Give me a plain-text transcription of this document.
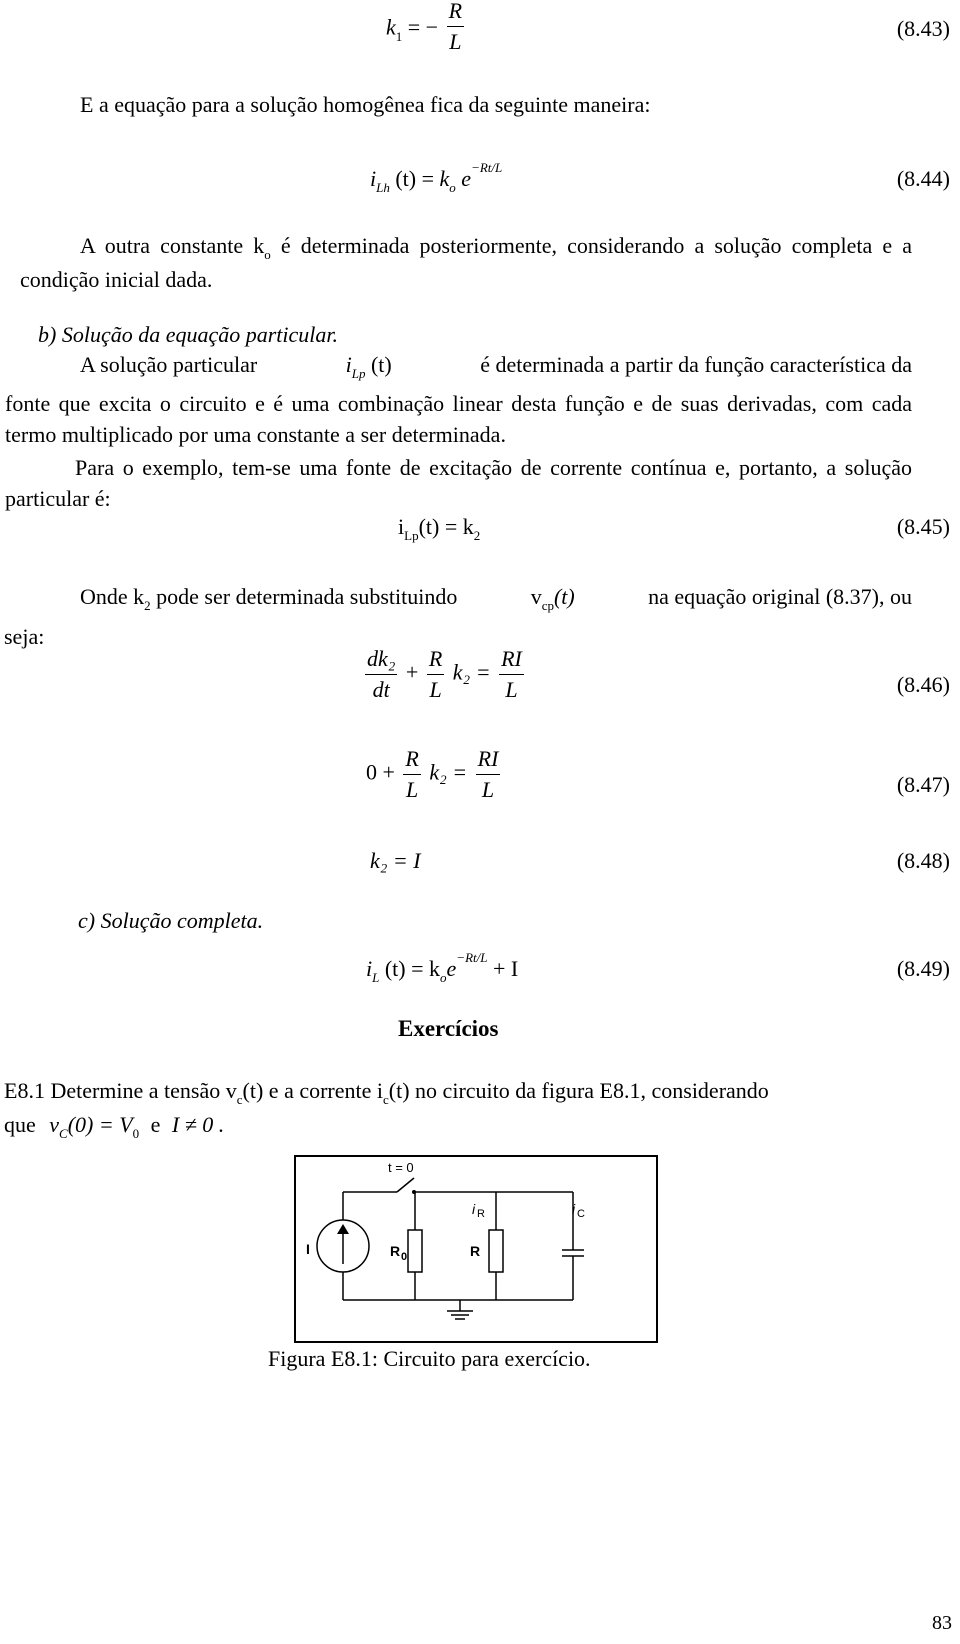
$k_1$ = − $\frac{R}{L}$	(8.43)
E a equação para a solução homogênea fica da seguinte maneira:
$i_{Lh}$ $(t) = k_o$ $e^{-Rt/L}$	(8.44)
A outra constante $k_o$ é determinada posteriormente, considerando a solução completa e a condição inicial dada.
b) Solução da equação particular.
A solução particular	$i_{Lp}$ (t)	é determinada a partir da função característica da
fonte que excita o circuito e é uma combinação linear desta função e de suas derivadas, com cada termo multiplicado por uma constante a ser determinada.
Para o exemplo, tem-se uma fonte de excitação de corrente contínua e, portanto, a solução particular é:
$i_{Lp}(t) = k_2$	(8.45)
Onde $k_2$ pode ser determinada substituindo	$v_{cp}(t)$	na equação original (8.37), ou
seja:
$\frac{\text{dk₂}}{dt} + \frac{R}{L} k_2 = \frac{RI}{L}$	(8.46)
$0 + \frac{R}{L} k_2 = \frac{RI}{L}$	(8.47)
k₂ = I	(8.48)
c) Solução completa.
$i_L$ $(t) = k_oe^{-Rt/L} + I$	(8.49)
Exercícios
E8.1 Determine a tensão $v_c(t)$ e a corrente $i_c(t)$ no circuito da figura E8.1, considerando
que $v_C(0) = V_0$ e I ≠ 0 .
t = 0
I	R 0	R
i R	i C
Figura E8.1: Circuito para exercício.
83
